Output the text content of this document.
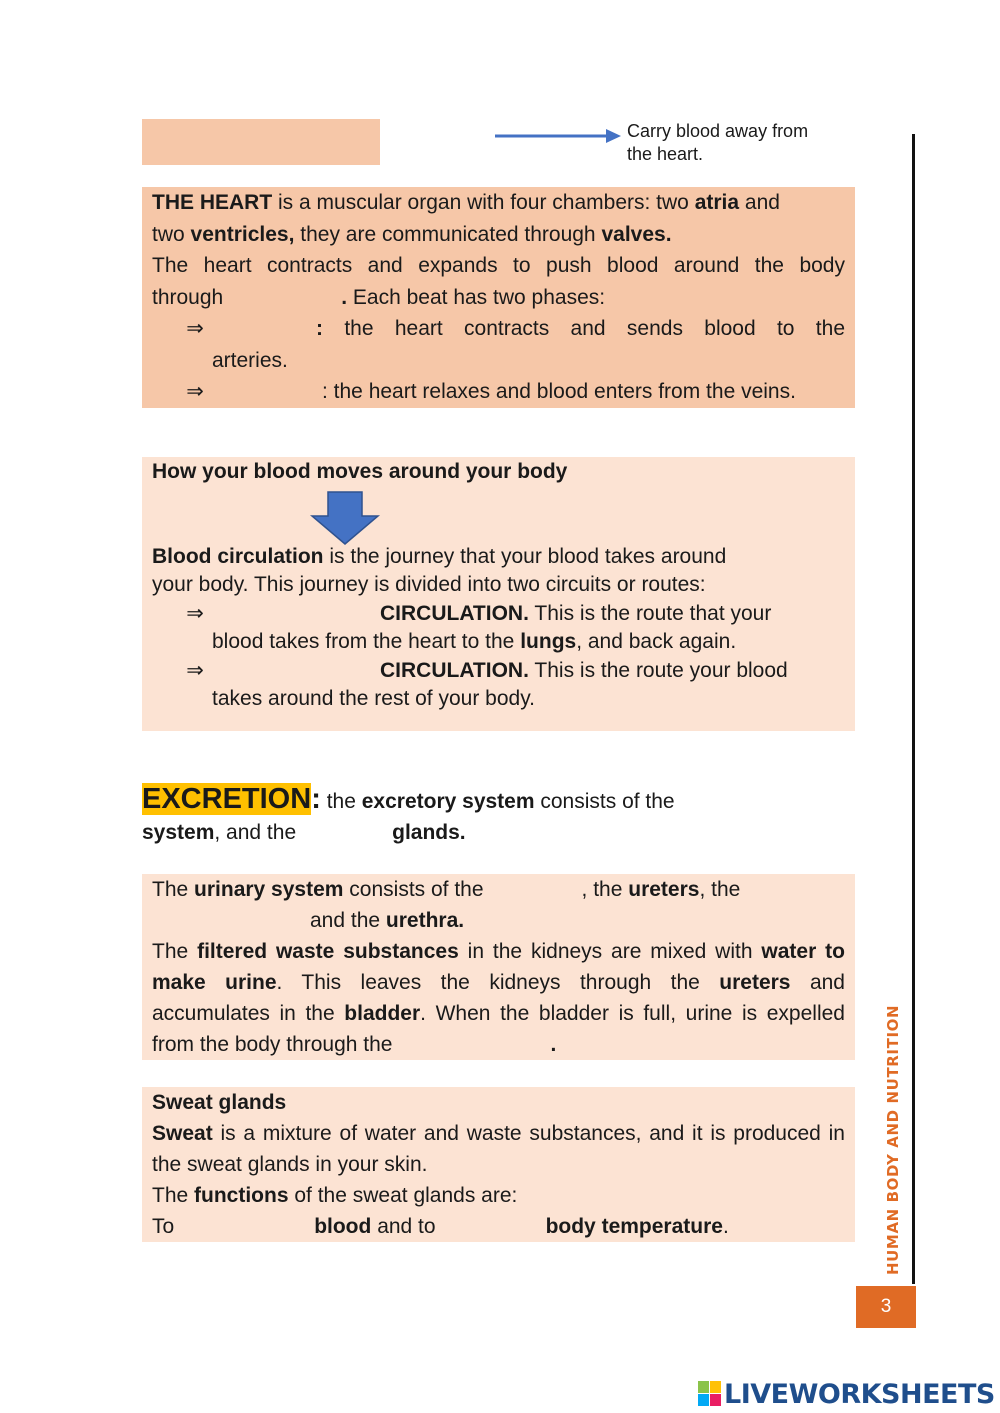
Carry blood away from
the heart.
THE HEART is a muscular organ with four chambers: two atria and
two ventricles, they are communicated through valves.
The heart contracts and expands to push blood around the body
through	. Each beat has two phases:
⇒	: the heart contracts and sends blood to the
arteries.
⇒	: the heart relaxes and blood enters from the veins.
How your blood moves around your body
Blood circulation is the journey that your blood takes around
your body. This journey is divided into two circuits or routes:
⇒	CIRCULATION. This is the route that your
blood takes from the heart to the lungs, and back again.
⇒	CIRCULATION. This is the route your blood
takes around the rest of your body.
EXCRETION: the excretory system consists of the
system, and the	glands.
The urinary system consists of the	, the ureters, the
and the urethra.
The filtered waste substances in the kidneys are mixed with water to make urine. This leaves the kidneys through the ureters and accumulates in the bladder. When the bladder is full, urine is expelled from the body through the	.
Sweat glands
Sweat is a mixture of water and waste substances, and it is produced in the sweat glands in your skin.
The functions of the sweat glands are:
To	blood and to	body temperature.	HUMAN BODY AND NUTRITION
3
LIVEWORKSHEETS
